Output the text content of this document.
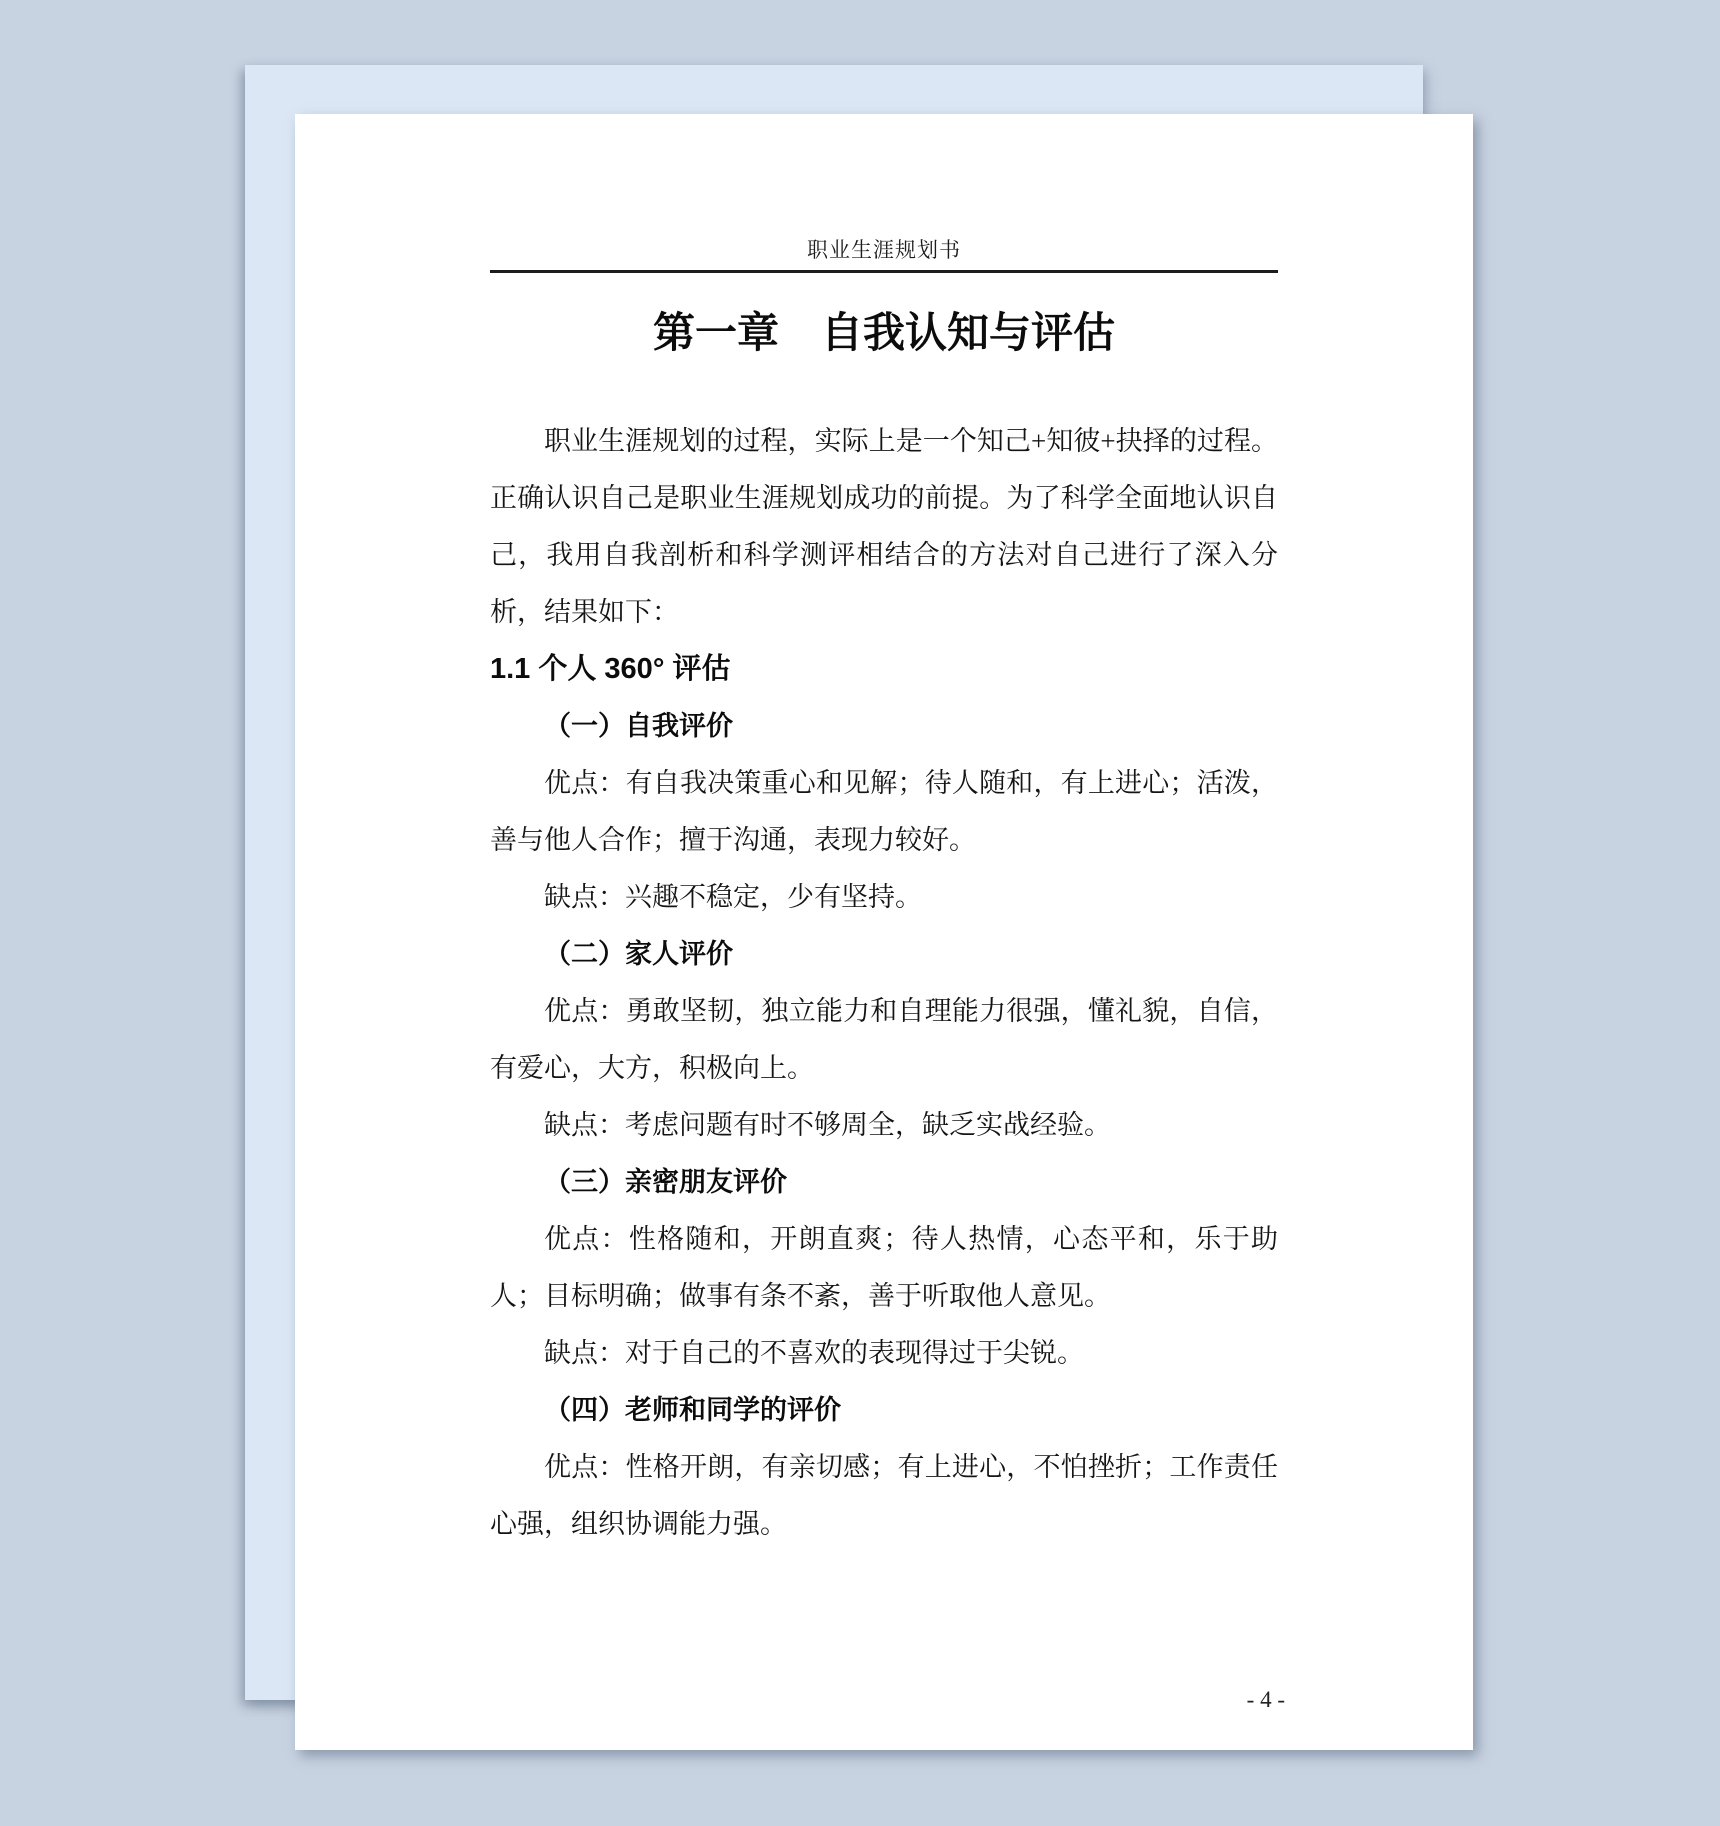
职业生涯规划书
第一章　自我认知与评估

职业生涯规划的过程，实际上是一个知己+知彼+抉择的过程。正确认识自己是职业生涯规划成功的前提。为了科学全面地认识自己，我用自我剖析和科学测评相结合的方法对自己进行了深入分析，结果如下：

1.1 个人 360° 评估

（一）自我评价

优点：有自我决策重心和见解；待人随和，有上进心；活泼，善与他人合作；擅于沟通，表现力较好。

缺点：兴趣不稳定，少有坚持。

（二）家人评价

优点：勇敢坚韧，独立能力和自理能力很强，懂礼貌，自信，有爱心，大方，积极向上。

缺点：考虑问题有时不够周全，缺乏实战经验。

（三）亲密朋友评价

优点：性格随和，开朗直爽；待人热情，心态平和，乐于助人；目标明确；做事有条不紊，善于听取他人意见。

缺点：对于自己的不喜欢的表现得过于尖锐。

（四）老师和同学的评价

优点：性格开朗，有亲切感；有上进心，不怕挫折；工作责任心强，组织协调能力强。

- 4 -
